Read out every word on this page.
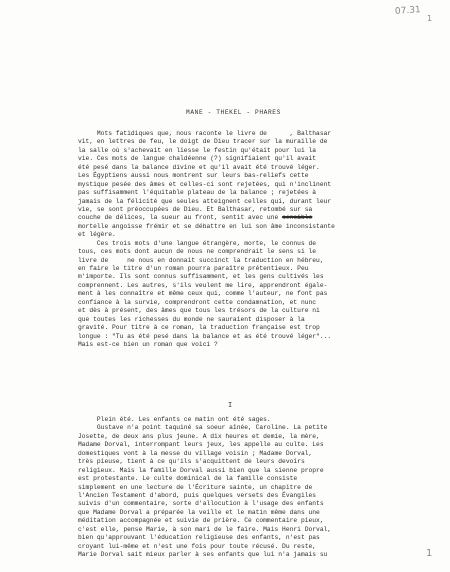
07.31
1
MANE - THEKEL - PHARES
Mots fatidiques que, nous raconte le livre de      , Balthasar
vit, en lettres de feu, le doigt de Dieu tracer sur la muraille de
la salle où s'achevait en liesse le festin qu'était pour lui la
vie. Ces mots de langue chaldéenne (?) signifiaient qu'il avait
été pesé dans la balance divine et qu'il avait été trouvé léger.
Les Égyptiens aussi nous montrent sur leurs bas-reliefs cette
mystique pesée des âmes et celles-ci sont rejetées, qui n'inclinent
pas suffisamment l'équitable plateau de la balance ; rejetées à
jamais de la félicité que seules atteignent celles qui, durant leur
vie, se sont préoccupées de Dieu. Et Balthasar, retombé sur sa
couche de délices, la sueur au front, sentit avec une sensible
mortelle angoisse frémir et se débattre en lui son âme inconsistante
et légère.
Ces trois mots d'une langue étrangère, morte, le connus de
tous, ces mots dont aucun de nous ne comprendrait le sens si le
livre de     ne nous en donnait succinct la traduction en hébreu,
en faire le titre d'un roman pourra paraître prétentieux. Peu
m'importe. Ils sont connus suffisamment, et les gens cultivés les
comprennent. Les autres, s'ils veulent me lire, apprendront égale-
ment à les connaître et même ceux qui, comme l'auteur, ne font pas
confiance à la survie, comprendront cette condamnation, et nunc
et dès à présent, des âmes que tous les trésors de la culture ni
que toutes les richesses du monde ne sauraient disposer à la
gravité. Pour titre à ce roman, la traduction française est trop
longue : "Tu as été pesé dans la balance et as été trouvé léger"...
Mais est-ce bien un roman que voici ?
I
Plein été. Les enfants ce matin ont été sages.
Gustave n'a point taquiné sa soeur aînée, Caroline. La petite
Josette, de deux ans plus jeune. A dix heures et demie, la mère,
Madame Dorval, interrompant leurs jeux, les appelle au culte. Les
domestiques vont à la messe du village voisin ; Madame Dorval,
très pieuse, tient à ce qu'ils s'acquittent de leurs devoirs
religieux. Mais la famille Dorval aussi bien que la sienne propre
est protestante. Le culte dominical de la famille consiste
simplement en une lecture de l'Écriture sainte, un chapitre de
l'Ancien Testament d'abord, puis quelques versets des Évangiles
suivis d'un commentaire, sorte d'allocution à l'usage des enfants
que Madame Dorval a préparée la veille et le matin même dans une
méditation accompagnée et suivie de prière. Ce commentaire pieux,
c'est elle, pense Marie, à son mari de le faire. Mais Henri Dorval,
bien qu'approuvant l'éducation religieuse des enfants, n'est pas
croyant lui-même et n'est une fois pour toute récusé. Du reste,
Marie Dorval sait mieux parler à ses enfants que lui n'a jamais su	1
